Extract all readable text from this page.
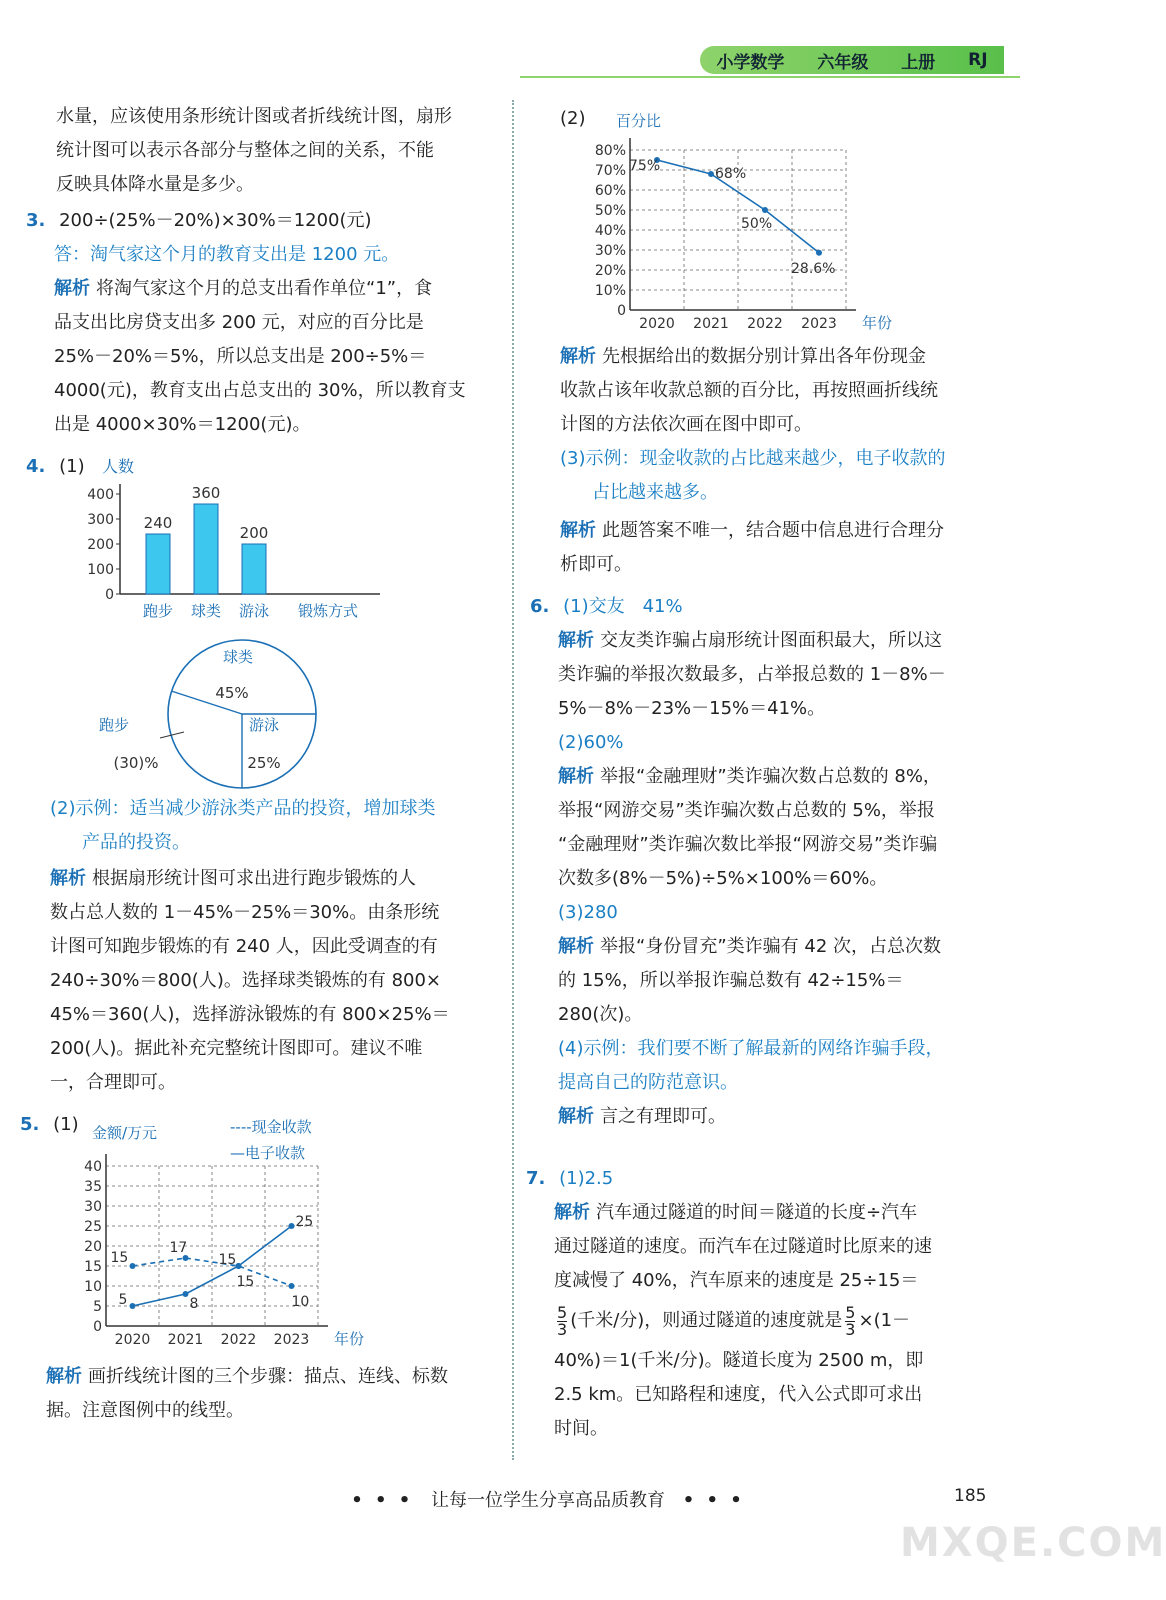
小学数学 六年级 上册 RJ
水量，应该使用条形统计图或者折线统计图，扇形
统计图可以表示各部分与整体之间的关系，不能
反映具体降水量是多少。
3. 200÷(25%－20%)×30%＝1200(元)
答：淘气家这个月的教育支出是 1200 元。
解析 将淘气家这个月的总支出看作单位“1”，食
品支出比房贷支出多 200 元，对应的百分比是
25%－20%＝5%，所以总支出是 200÷5%＝
4000(元)，教育支出占总支出的 30%，所以教育支
出是 4000×30%＝1200(元)。
4. (1) 人数
0
100
200
300
400
240
跑步
360
球类
200
游泳 锻炼方式
球类
45%
游泳
25%
跑步
(30)%
(2)示例：适当减少游泳类产品的投资，增加球类
产品的投资。
解析 根据扇形统计图可求出进行跑步锻炼的人
数占总人数的 1－45%－25%＝30%。由条形统
计图可知跑步锻炼的有 240 人，因此受调查的有
240÷30%＝800(人)。选择球类锻炼的有 800×
45%＝360(人)，选择游泳锻炼的有 800×25%＝
200(人)。据此补充完整统计图即可。建议不唯
一，合理即可。
5. (1)
0
5
10
15
20
25
30
35
40
2020 2021 2022 2023 年份
金额/万元
15
17
15
10
5	8
15
25
----现金收款
—电子收款
解析 画折线统计图的三个步骤：描点、连线、标数
据。注意图例中的线型。
(2)
0
10%
20%
30%
40%
50%
60%
70%
80%
2020 2021 2022 2023 年份
百分比
75%	68%
50%
28.6%
解析 先根据给出的数据分别计算出各年份现金
收款占该年收款总额的百分比，再按照画折线统
计图的方法依次画在图中即可。
(3)示例：现金收款的占比越来越少，电子收款的
占比越来越多。
解析 此题答案不唯一，结合题中信息进行合理分
析即可。
6. (1)交友　41%
解析 交友类诈骗占扇形统计图面积最大，所以这
类诈骗的举报次数最多，占举报总数的 1－8%－
5%－8%－23%－15%＝41%。
(2)60%
解析 举报“金融理财”类诈骗次数占总数的 8%，
举报“网游交易”类诈骗次数占总数的 5%，举报
“金融理财”类诈骗次数比举报“网游交易”类诈骗
次数多(8%－5%)÷5%×100%＝60%。
(3)280
解析 举报“身份冒充”类诈骗有 42 次，占总次数
的 15%，所以举报诈骗总数有 42÷15%＝
280(次)。
(4)示例：我们要不断了解最新的网络诈骗手段，
提高自己的防范意识。
解析 言之有理即可。
7. (1)2.5
解析 汽车通过隧道的时间＝隧道的长度÷汽车
通过隧道的速度。而汽车在过隧道时比原来的速
度减慢了 40%，汽车原来的速度是 25÷15＝
$\frac{5}{3}$ (千米/分)，则通过隧道的速度就是 $\frac{5}{3} \times(1-$
40%)＝1(千米/分)。隧道长度为 2500 m，即
2.5 km。已知路程和速度，代入公式即可求出
时间。
• • • 让每一位学生分享高品质教育 • • •	185
MXQE.COM
